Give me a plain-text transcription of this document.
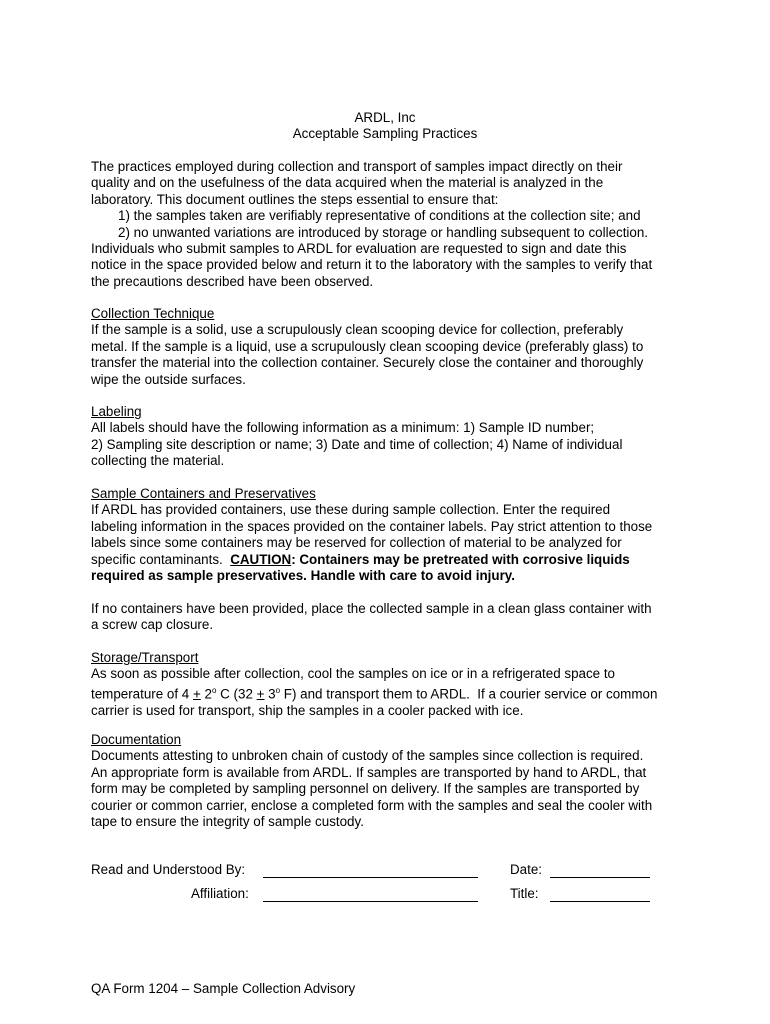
ARDL, Inc
Acceptable Sampling Practices
The practices employed during collection and transport of samples impact directly on their
quality and on the usefulness of the data acquired when the material is analyzed in the
laboratory. This document outlines the steps essential to ensure that:
1) the samples taken are verifiably representative of conditions at the collection site; and
2) no unwanted variations are introduced by storage or handling subsequent to collection.
Individuals who submit samples to ARDL for evaluation are requested to sign and date this
notice in the space provided below and return it to the laboratory with the samples to verify that
the precautions described have been observed.
Collection Technique
If the sample is a solid, use a scrupulously clean scooping device for collection, preferably
metal. If the sample is a liquid, use a scrupulously clean scooping device (preferably glass) to
transfer the material into the collection container. Securely close the container and thoroughly
wipe the outside surfaces.
Labeling
All labels should have the following information as a minimum: 1) Sample ID number;
2) Sampling site description or name; 3) Date and time of collection; 4) Name of individual
collecting the material.
Sample Containers and Preservatives
If ARDL has provided containers, use these during sample collection. Enter the required
labeling information in the spaces provided on the container labels. Pay strict attention to those
labels since some containers may be reserved for collection of material to be analyzed for
specific contaminants.  CAUTION: Containers may be pretreated with corrosive liquids
required as sample preservatives. Handle with care to avoid injury.
If no containers have been provided, place the collected sample in a clean glass container with
a screw cap closure.
Storage/Transport
As soon as possible after collection, cool the samples on ice or in a refrigerated space to
temperature of $4 + 2^o$ C ($32 + 3^o$ F) and transport them to ARDL.  If a courier service or common
carrier is used for transport, ship the samples in a cooler packed with ice.
Documentation
Documents attesting to unbroken chain of custody of the samples since collection is required.
An appropriate form is available from ARDL. If samples are transported by hand to ARDL, that
form may be completed by sampling personnel on delivery. If the samples are transported by
courier or common carrier, enclose a completed form with the samples and seal the cooler with
tape to ensure the integrity of sample custody.
Read and Understood By:	Date:
Affiliation:	Title:
QA Form 1204 – Sample Collection Advisory
